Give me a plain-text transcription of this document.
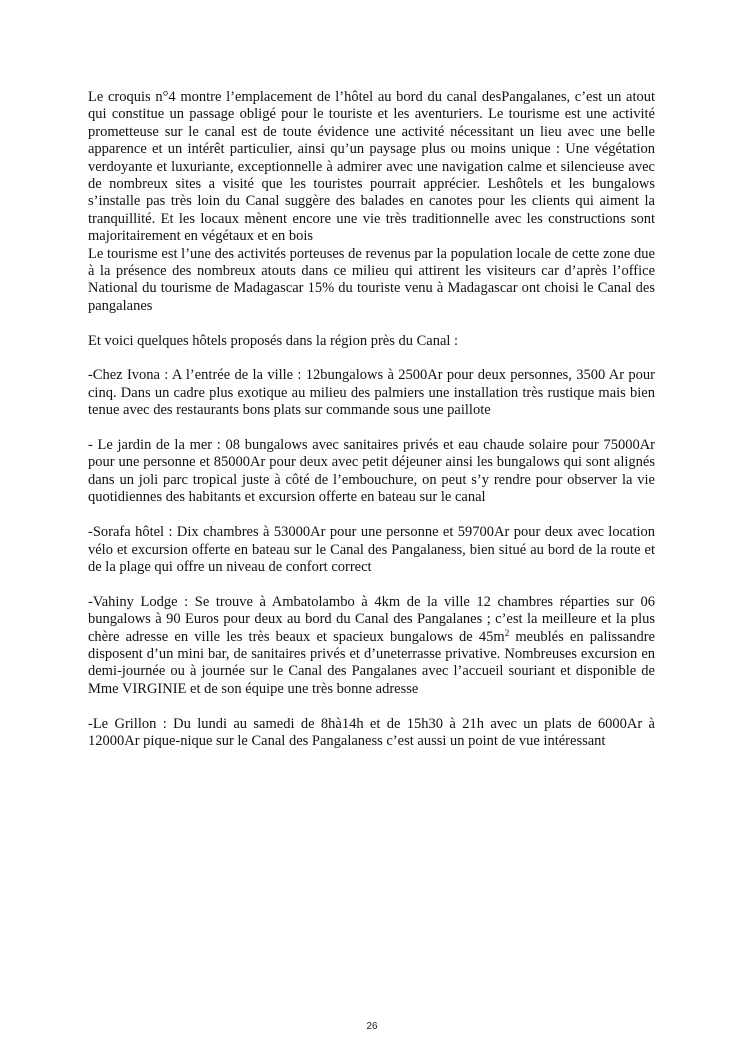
Le croquis n°4 montre l’emplacement de l’hôtel au bord du canal desPangalanes, c’est un atout qui constitue un passage obligé pour le touriste et les aventuriers. Le tourisme est une activité prometteuse sur le canal est de toute évidence une activité nécessitant un lieu avec une belle apparence et un intérêt particulier, ainsi qu’un paysage plus ou moins unique : Une végétation verdoyante et luxuriante, exceptionnelle à admirer avec une navigation calme et silencieuse avec de nombreux sites a visité que les touristes pourrait apprécier. Leshôtels et les bungalows s’installe pas très loin du Canal suggère des balades en canotes pour les clients qui aiment la tranquillité. Et les locaux mènent encore une vie très traditionnelle avec les constructions sont majoritairement en végétaux et en bois

Le tourisme est l’une des activités porteuses de revenus par la population locale de cette zone due à la présence des nombreux atouts dans ce milieu qui attirent les visiteurs car d’après l’office National du tourisme de Madagascar 15% du touriste venu à Madagascar ont choisi le Canal des pangalanes

Et voici quelques hôtels proposés dans la région près du Canal :

-Chez Ivona : A l’entrée de la ville : 12bungalows à 2500Ar pour deux personnes, 3500 Ar pour cinq. Dans un cadre plus exotique au milieu des palmiers une installation très rustique mais bien tenue avec des restaurants bons plats sur commande sous une paillote

- Le jardin de la mer : 08 bungalows avec sanitaires privés et eau chaude solaire pour 75000Ar pour une personne et 85000Ar pour deux avec petit déjeuner ainsi les bungalows qui sont alignés dans un joli parc tropical juste à côté de l’embouchure, on peut s’y rendre pour observer la vie quotidiennes des habitants et excursion offerte en bateau sur le canal

-Sorafa hôtel : Dix chambres à 53000Ar pour une personne et 59700Ar pour deux avec location vélo et excursion offerte en bateau sur le Canal des Pangalaness, bien situé au bord de la route et de la plage qui offre un niveau de confort correct

-Vahiny Lodge : Se trouve à Ambatolambo à 4km de la ville 12 chambres réparties sur 06 bungalows à 90 Euros pour deux au bord du Canal des Pangalanes ; c’est la meilleure et la plus chère adresse en ville les très beaux et spacieux bungalows de $45m^2$ meublés en palissandre disposent d’un mini bar, de sanitaires privés et d’uneterrasse privative. Nombreuses excursion en demi-journée ou à journée sur le Canal des Pangalanes avec l’accueil souriant et disponible de Mme VIRGINIE et de son équipe une très bonne adresse

-Le Grillon : Du lundi au samedi de 8hà14h et de 15h30 à 21h avec un plats de 6000Ar à 12000Ar pique-nique sur le Canal des Pangalaness c’est aussi un point de vue intéressant

26
